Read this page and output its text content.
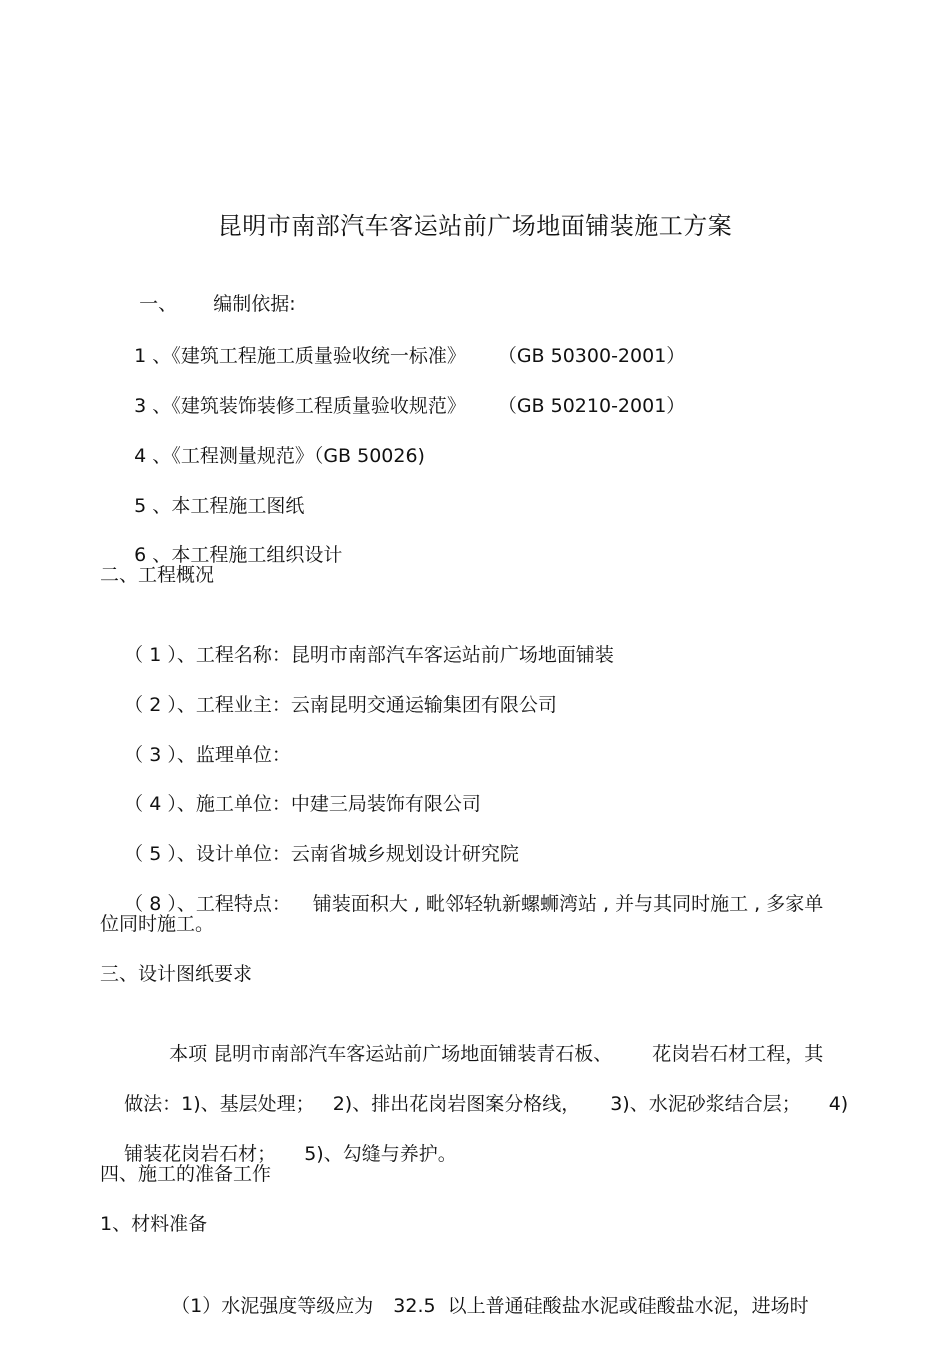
昆明市南部汽车客运站前广场地面铺装施工方案

一、 编制依据:

1 、《建筑工程施工质量验收统一标准》 （GB 50300-2001）

3 、《建筑装饰装修工程质量验收规范》 （GB 50210-2001）

4 、《工程测量规范》（GB 50026)

5 、本工程施工图纸

6 、本工程施工组织设计

二、工程概况

（ 1 ）、工程名称：昆明市南部汽车客运站前广场地面铺装

（ 2 ）、工程业主：云南昆明交通运输集团有限公司

（ 3 ）、监理单位：

（ 4 ）、施工单位：中建三局装饰有限公司

（ 5 ）、设计单位：云南省城乡规划设计研究院

（ 8 ）、工程特点： 铺装面积大 , 毗邻轻轨新螺蛳湾站 , 并与其同时施工 , 多家单

位同时施工。
三、设计图纸要求

本项 昆明市南部汽车客运站前广场地面铺装青石板、 花岗岩石材工程，其

做法：1)、基层处理； 2)、排出花岗岩图案分格线， 3)、水泥砂浆结合层； 4)

铺装花岗岩石材； 5)、勾缝与养护。

四、施工的准备工作
1、材料准备

（1）水泥强度等级应为 32.5  以上普通硅酸盐水泥或硅酸盐水泥，进场时
